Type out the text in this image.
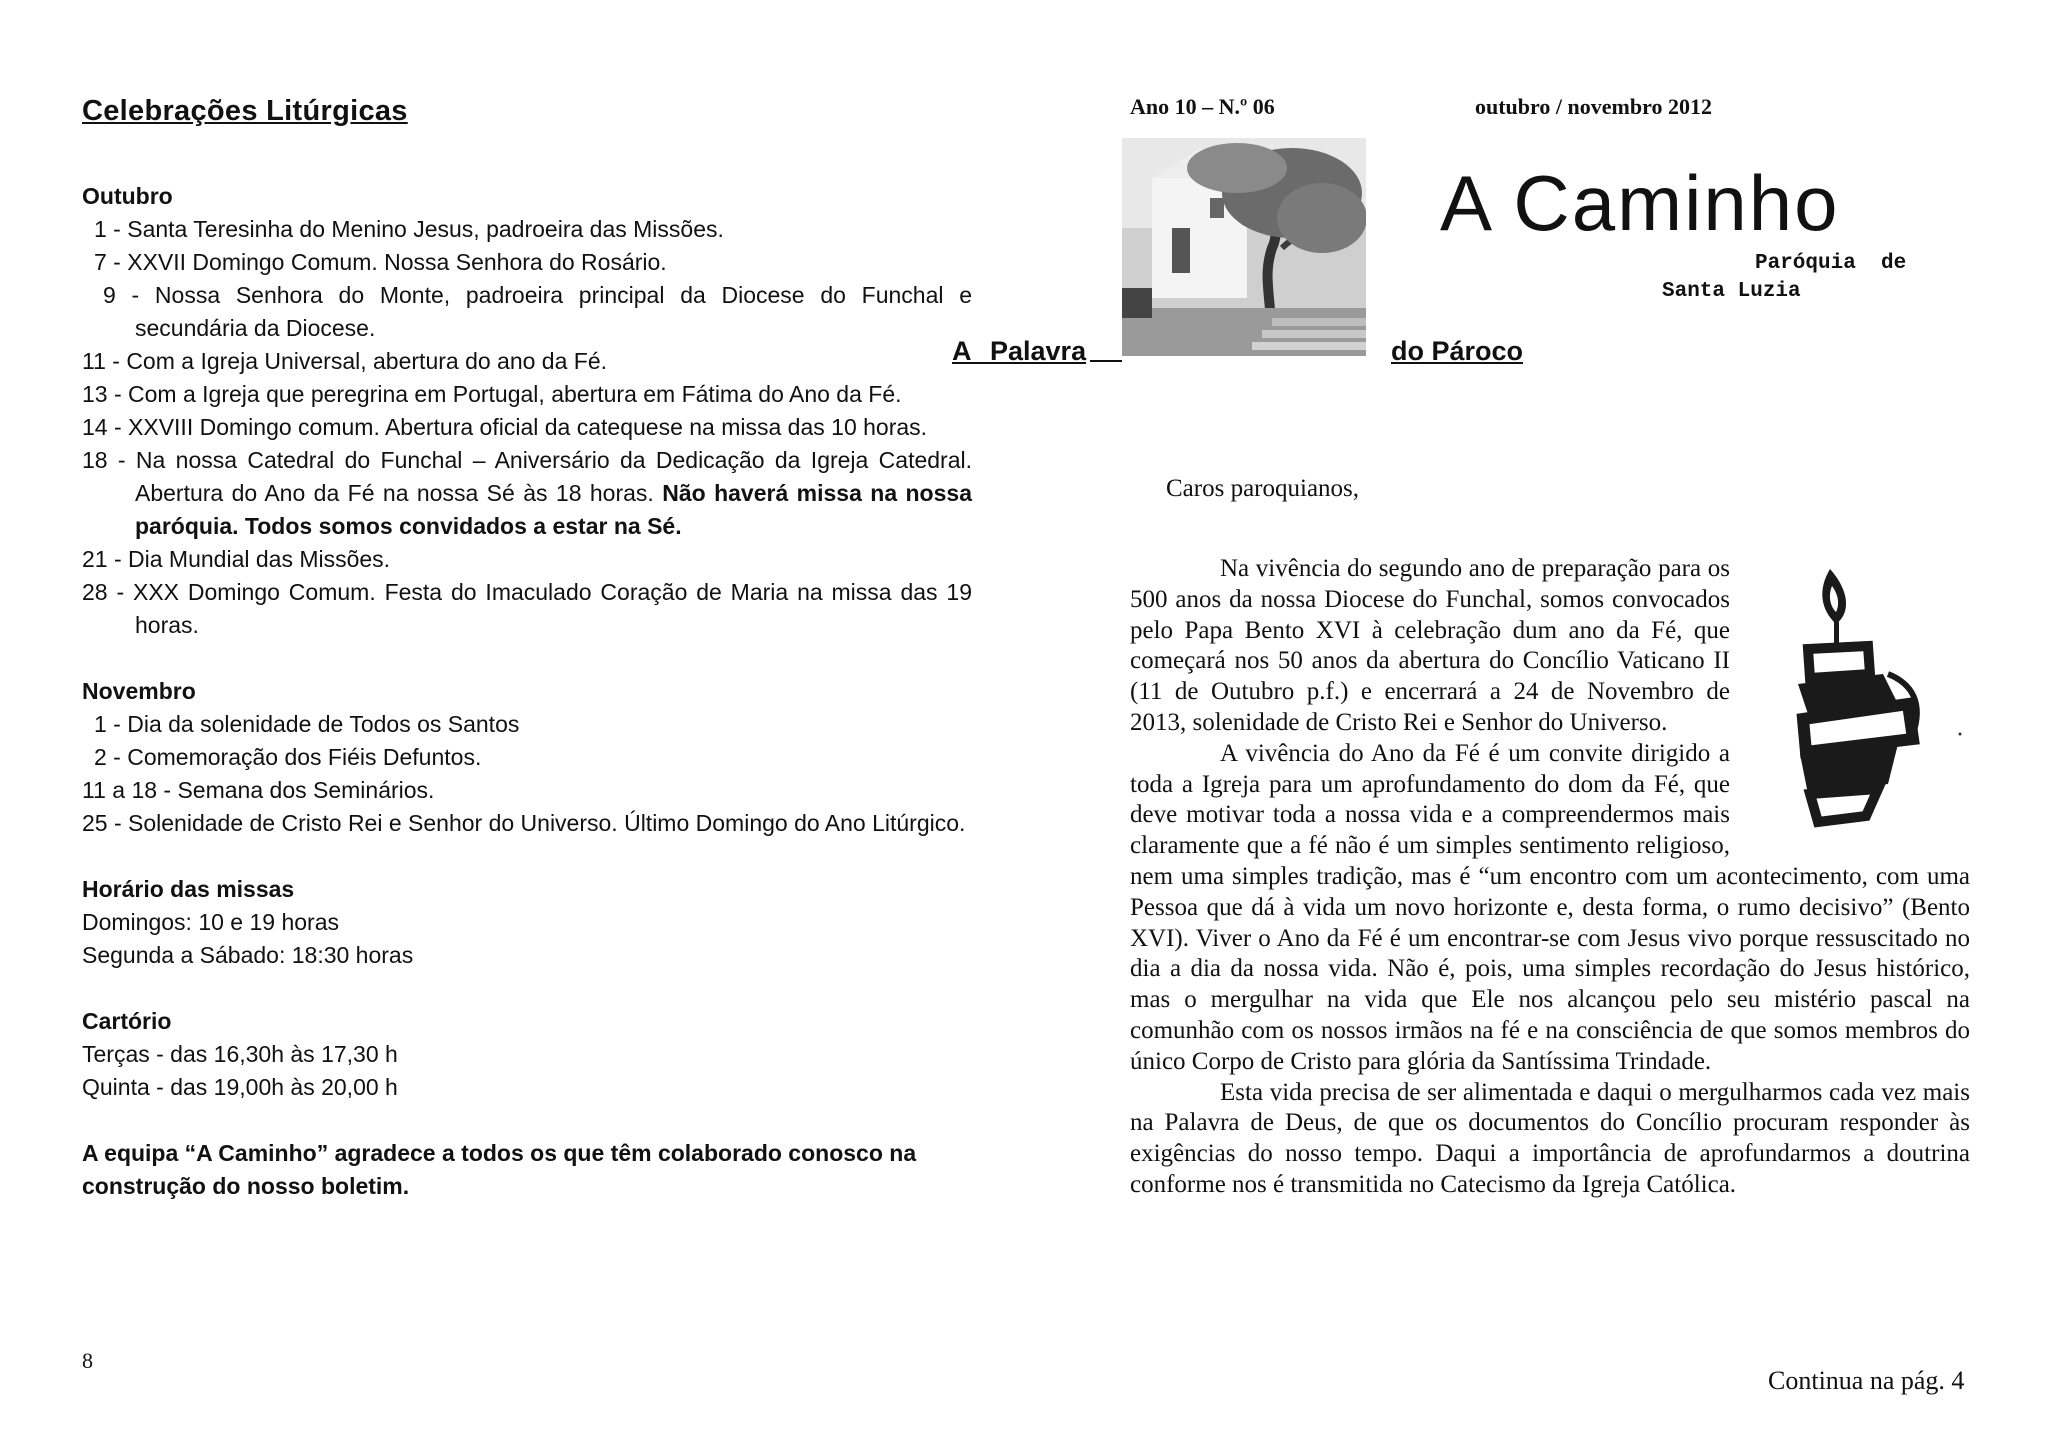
Celebrações Litúrgicas

Outubro

1 - Santa Teresinha do Menino Jesus, padroeira das Missões.
7 - XXVII Domingo Comum. Nossa Senhora do Rosário.
9 - Nossa Senhora do Monte, padroeira principal da Diocese do Funchal e secundária da Diocese.
11 - Com a Igreja Universal, abertura do ano da Fé.
13 - Com a Igreja que peregrina em Portugal, abertura em Fátima do Ano da Fé.
14 - XXVIII Domingo comum. Abertura oficial da catequese na missa das 10 horas.
18 - Na nossa Catedral do Funchal – Aniversário da Dedicação da Igreja Catedral. Abertura do Ano da Fé na nossa Sé às 18 horas. Não haverá missa na nossa paróquia. Todos somos convidados a estar na Sé.
21 - Dia Mundial das Missões.
28 - XXX Domingo Comum. Festa do Imaculado Coração de Maria na missa das 19 horas.

Novembro

1 - Dia da solenidade de Todos os Santos
2 - Comemoração dos Fiéis Defuntos.
11 a 18 - Semana dos Seminários.
25 - Solenidade de Cristo Rei e Senhor do Universo. Último Domingo do Ano Litúrgico.

Horário das missas

Domingos: 10 e 19 horas

Segunda a Sábado: 18:30 horas

Cartório

Terças - das 16,30h às 17,30 h

Quinta - das 19,00h às 20,00 h

A equipa “A Caminho” agradece a todos os que têm colaborado conosco na construção do nosso boletim.

8
Ano 10 – N.º 06	outubro / novembro 2012
A Caminho
Paróquia  de
Santa Luzia
A Palavra	do Pároco
Caros paroquianos,

Na vivência do segundo ano de preparação para os 500 anos da nossa Diocese do Funchal, somos convocados pelo Papa Bento XVI à celebração dum ano da Fé, que começará nos 50 anos da abertura do Concílio Vaticano II (11 de Outubro p.f.) e encerrará a 24 de Novembro de 2013, solenidade de Cristo Rei e Senhor do Universo.

A vivência do Ano da Fé é um convite dirigido a toda a Igreja para um aprofundamento do dom da Fé, que deve motivar toda a nossa vida e a compreendermos mais claramente que a fé não é um simples sentimento religioso, nem uma simples tradição, mas é “um encontro com um acontecimento, com uma Pessoa que dá à vida um novo horizonte e, desta forma, o rumo decisivo” (Bento XVI). Viver o Ano da Fé é um encontrar-se com Jesus vivo porque ressuscitado no dia a dia da nossa vida. Não é, pois, uma simples recordação do Jesus histórico, mas o mergulhar na vida que Ele nos alcançou pelo seu mistério pascal na comunhão com os nossos irmãos na fé e na consciência de que somos membros do único Corpo de Cristo para glória da Santíssima Trindade.

Esta vida precisa de ser alimentada e daqui o mergulharmos cada vez mais na Palavra de Deus, de que os documentos do Concílio procuram responder às exigências do nosso tempo. Daqui a importância de aprofundarmos a doutrina conforme nos é transmitida no Catecismo da Igreja Católica.

Continua na pág. 4
